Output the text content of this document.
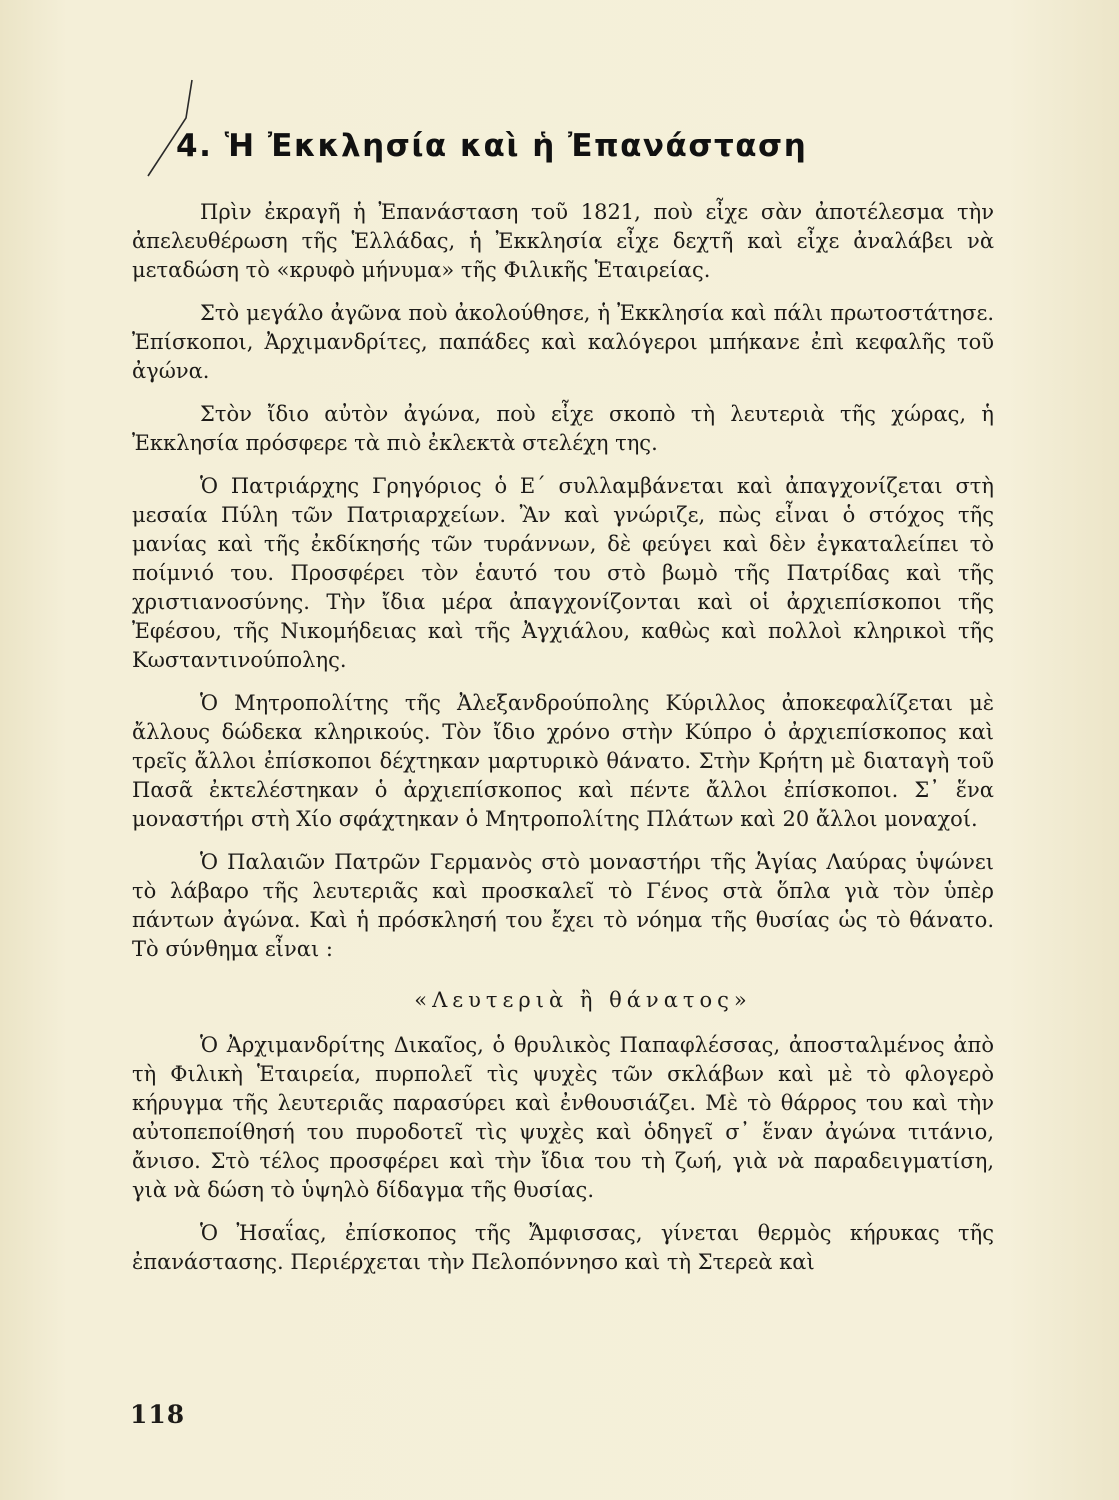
4. Ἡ Ἐκκλησία καὶ ἡ Ἐπανάσταση

Πρὶν ἐκραγῆ ἡ Ἐπανάσταση τοῦ 1821, ποὺ εἶχε σὰν ἀποτέλεσμα τὴν ἀπελευθέρωση τῆς Ἑλλάδας, ἡ Ἐκκλησία εἶχε δεχτῆ καὶ εἶχε ἀναλάβει νὰ μεταδώση τὸ «κρυφὸ μήνυμα» τῆς Φιλικῆς Ἑταιρείας.

Στὸ μεγάλο ἀγῶνα ποὺ ἀκολούθησε, ἡ Ἐκκλησία καὶ πάλι πρωτοστάτησε. Ἐπίσκοποι, Ἀρχιμανδρίτες, παπάδες καὶ καλόγεροι μπήκανε ἐπὶ κεφαλῆς τοῦ ἀγώνα.

Στὸν ἴδιο αὐτὸν ἀγώνα, ποὺ εἶχε σκοπὸ τὴ λευτεριὰ τῆς χώρας, ἡ Ἐκκλησία πρόσφερε τὰ πιὸ ἐκλεκτὰ στελέχη της.

Ὁ Πατριάρχης Γρηγόριος ὁ Ε΄ συλλαμβάνεται καὶ ἀπαγχονίζεται στὴ μεσαία Πύλη τῶν Πατριαρχείων. Ἂν καὶ γνώριζε, πὼς εἶναι ὁ στόχος τῆς μανίας καὶ τῆς ἐκδίκησής τῶν τυράννων, δὲ φεύγει καὶ δὲν ἐγκαταλείπει τὸ ποίμνιό του. Προσφέρει τὸν ἑαυτό του στὸ βωμὸ τῆς Πατρίδας καὶ τῆς χριστιανοσύνης. Τὴν ἴδια μέρα ἀπαγχονίζονται καὶ οἱ ἀρχιεπίσκοποι τῆς Ἐφέσου, τῆς Νικομήδειας καὶ τῆς Ἀγχιάλου, καθὼς καὶ πολλοὶ κληρικοὶ τῆς Κωσταντινούπολης.

Ὁ Μητροπολίτης τῆς Ἀλεξανδρούπολης Κύριλλος ἀποκεφαλίζεται μὲ ἄλλους δώδεκα κληρικούς. Τὸν ἴδιο χρόνο στὴν Κύπρο ὁ ἀρχιεπίσκοπος καὶ τρεῖς ἄλλοι ἐπίσκοποι δέχτηκαν μαρτυρικὸ θάνατο. Στὴν Κρήτη μὲ διαταγὴ τοῦ Πασᾶ ἐκτελέστηκαν ὁ ἀρχιεπίσκοπος καὶ πέντε ἄλλοι ἐπίσκοποι. Σ᾿ ἕνα μοναστήρι στὴ Χίο σφάχτηκαν ὁ Μητροπολίτης Πλάτων καὶ 20 ἄλλοι μοναχοί.

Ὁ Παλαιῶν Πατρῶν Γερμανὸς στὸ μοναστήρι τῆς Ἁγίας Λαύρας ὑψώνει τὸ λάβαρο τῆς λευτεριᾶς καὶ προσκαλεῖ τὸ Γένος στὰ ὅπλα γιὰ τὸν ὑπὲρ πάντων ἀγώνα. Καὶ ἡ πρόσκλησή του ἔχει τὸ νόημα τῆς θυσίας ὡς τὸ θάνατο. Τὸ σύνθημα εἶναι :

«Λευτεριὰ ἢ θάνατος»

Ὁ Ἀρχιμανδρίτης Δικαῖος, ὁ θρυλικὸς Παπαφλέσσας, ἀποσταλμένος ἀπὸ τὴ Φιλικὴ Ἑταιρεία, πυρπολεῖ τὶς ψυχὲς τῶν σκλάβων καὶ μὲ τὸ φλογερὸ κήρυγμα τῆς λευτεριᾶς παρασύρει καὶ ἐνθουσιάζει. Μὲ τὸ θάρρος του καὶ τὴν αὐτοπεποίθησή του πυροδοτεῖ τὶς ψυχὲς καὶ ὁδηγεῖ σ᾿ ἕναν ἀγώνα τιτάνιο, ἄνισο. Στὸ τέλος προσφέρει καὶ τὴν ἴδια του τὴ ζωή, γιὰ νὰ παραδειγματίση, γιὰ νὰ δώση τὸ ὑψηλὸ δίδαγμα τῆς θυσίας.

Ὁ Ἠσαΐας, ἐπίσκοπος τῆς Ἄμφισσας, γίνεται θερμὸς κήρυκας τῆς ἐπανάστασης. Περιέρχεται τὴν Πελοπόννησο καὶ τὴ Στερεὰ καὶ

118
